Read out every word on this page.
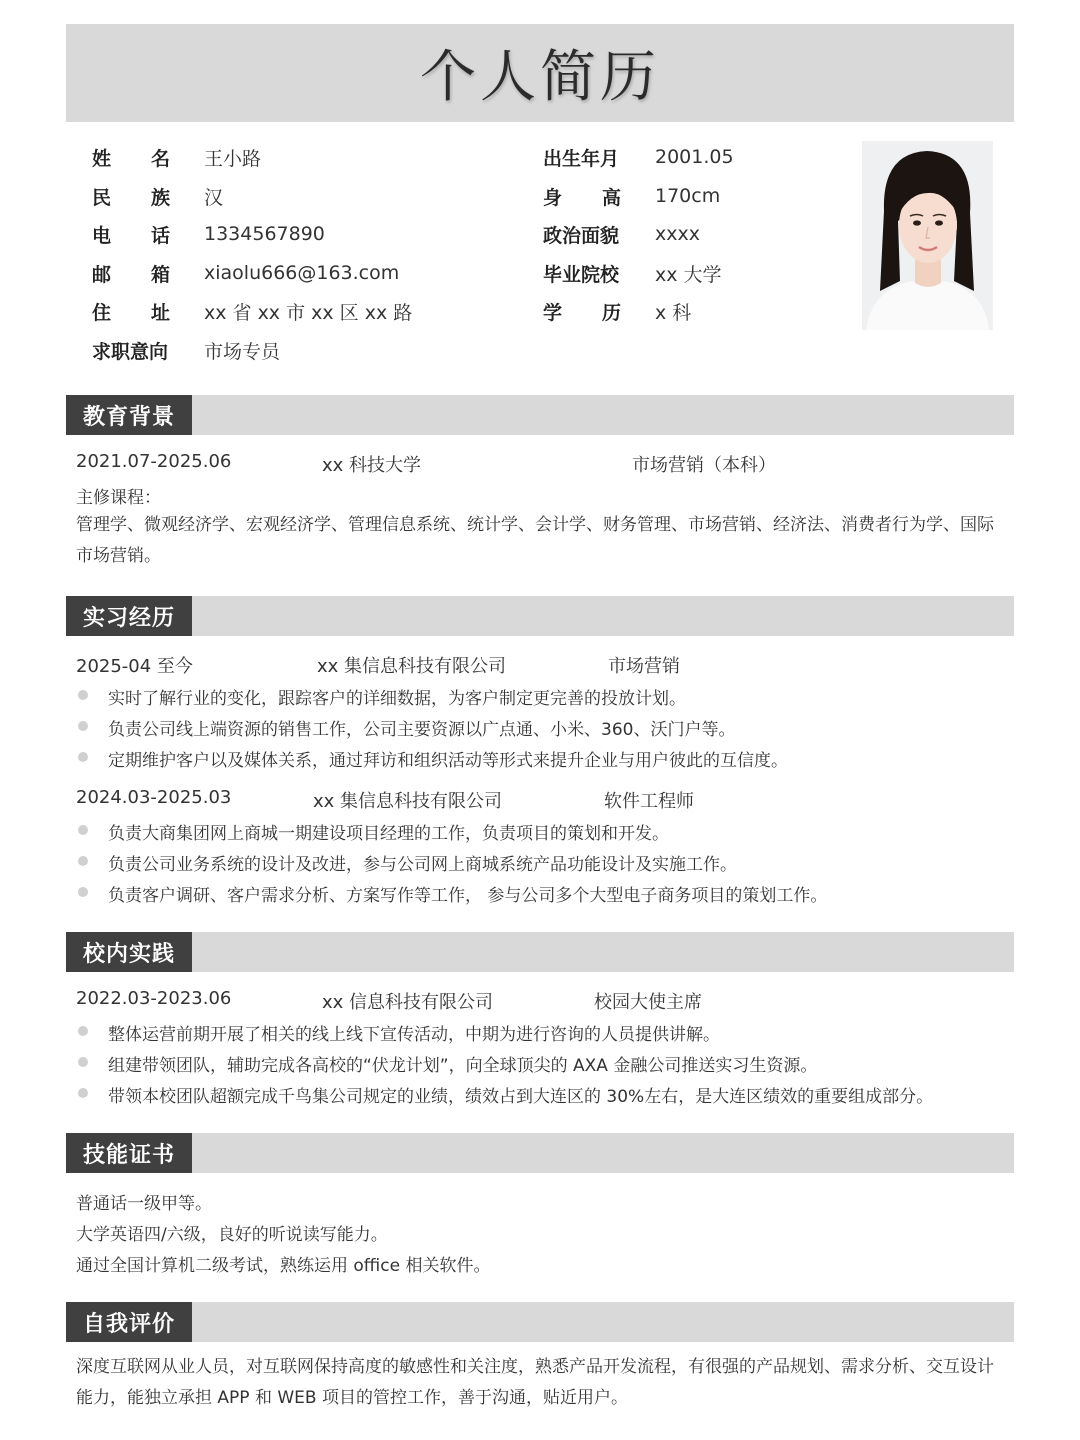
个人简历
姓 名 王小路
民 族 汉
电 话 1334567890
邮 箱 xiaolu666@163.com
住 址 xx 省 xx 市 xx 区 xx 路
求职意向 市场专员
出生年月 2001.05
身 高 170cm
政治面貌 xxxx
毕业院校 xx 大学
学 历 x 科
教育背景
2021.07-2025.06	xx 科技大学	市场营销（本科）
主修课程：
管理学、微观经济学、宏观经济学、管理信息系统、统计学、会计学、财务管理、市场营销、经济法、消费者行为学、国际市场营销。
实习经历
2025-04 至今	xx 集信息科技有限公司	市场营销
实时了解行业的变化，跟踪客户的详细数据，为客户制定更完善的投放计划。
负责公司线上端资源的销售工作，公司主要资源以广点通、小米、360、沃门户等。
定期维护客户以及媒体关系，通过拜访和组织活动等形式来提升企业与用户彼此的互信度。
2024.03-2025.03	xx 集信息科技有限公司	软件工程师
负责大商集团网上商城一期建设项目经理的工作，负责项目的策划和开发。
负责公司业务系统的设计及改进，参与公司网上商城系统产品功能设计及实施工作。
负责客户调研、客户需求分析、方案写作等工作， 参与公司多个大型电子商务项目的策划工作。
校内实践
2022.03-2023.06	xx 信息科技有限公司	校园大使主席
整体运营前期开展了相关的线上线下宣传活动，中期为进行咨询的人员提供讲解。
组建带领团队，辅助完成各高校的“伏龙计划”，向全球顶尖的 AXA 金融公司推送实习生资源。
带领本校团队超额完成千鸟集公司规定的业绩，绩效占到大连区的 30%左右，是大连区绩效的重要组成部分。
技能证书
普通话一级甲等。
大学英语四/六级，良好的听说读写能力。
通过全国计算机二级考试，熟练运用 office 相关软件。
自我评价
深度互联网从业人员，对互联网保持高度的敏感性和关注度，熟悉产品开发流程，有很强的产品规划、需求分析、交互设计能力，能独立承担 APP 和 WEB 项目的管控工作，善于沟通，贴近用户。
